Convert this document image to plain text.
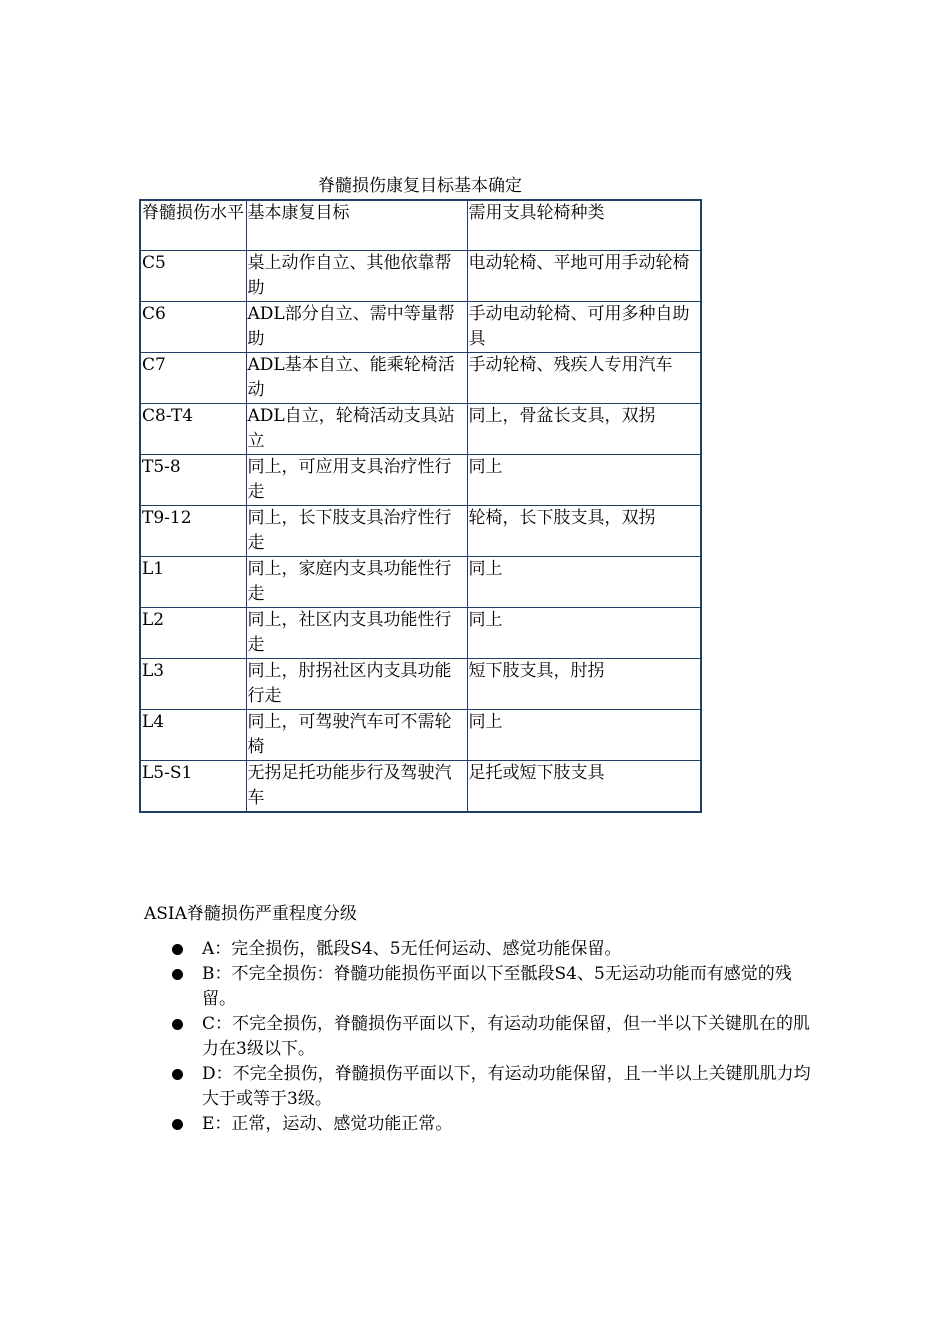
脊髓损伤康复目标基本确定
脊髓损伤水平	基本康复目标	需用支具轮椅种类
C5	桌上动作自立、其他依靠帮助	电动轮椅、平地可用手动轮椅
C6	ADL部分自立、需中等量帮助	手动电动轮椅、可用多种自助具
C7	ADL基本自立、能乘轮椅活动	手动轮椅、残疾人专用汽车
C8-T4	ADL自立，轮椅活动支具站立	同上，骨盆长支具，双拐
T5-8	同上，可应用支具治疗性行走	同上
T9-12	同上，长下肢支具治疗性行走	轮椅，长下肢支具，双拐
L1	同上，家庭内支具功能性行走	同上
L2	同上，社区内支具功能性行走	同上
L3	同上，肘拐社区内支具功能行走	短下肢支具，肘拐
L4	同上，可驾驶汽车可不需轮椅	同上
L5-S1	无拐足托功能步行及驾驶汽车	足托或短下肢支具
ASIA脊髓损伤严重程度分级
A：完全损伤，骶段S4、5无任何运动、感觉功能保留。
B：不完全损伤：脊髓功能损伤平面以下至骶段S4、5无运动功能而有感觉的残留。
C：不完全损伤，脊髓损伤平面以下，有运动功能保留，但一半以下关键肌在的肌力在3级以下。
D：不完全损伤，脊髓损伤平面以下，有运动功能保留，且一半以上关键肌肌力均大于或等于3级。
E：正常，运动、感觉功能正常。
